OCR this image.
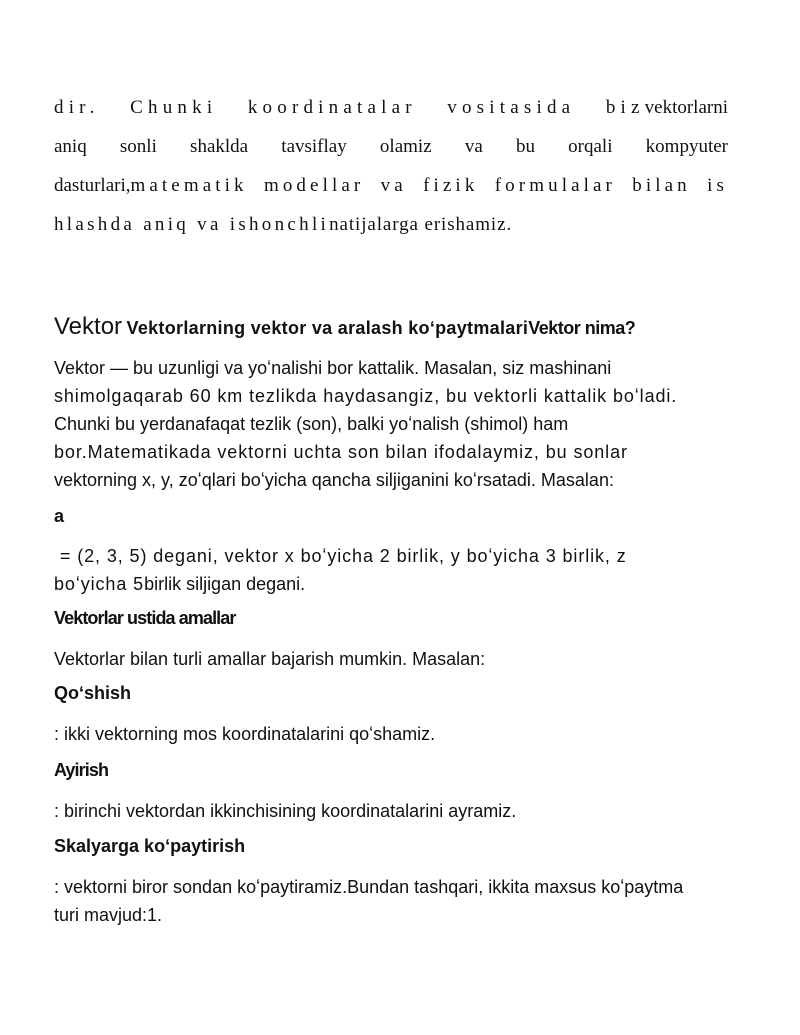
dir. Chunki koordinatalar vositasida bizvektorlarni
aniq sonli shaklda tavsiflay olamiz va bu orqali kompyuter
dasturlari,matematik modellar va fizik formulalar bilan is
hlashda aniq va ishonchlinatijalarga erishamiz.

Vektor Vektorlarning vektor va aralash koʻpaytmalariVektor nima?

Vektor — bu uzunligi va yoʻnalishi bor kattalik. Masalan, siz mashinani
shimolgaqarab 60 km tezlikda haydasangiz, bu vektorli kattalik boʻladi.
Chunki bu yerdanafaqat tezlik (son), balki yoʻnalish (shimol) ham
bor.Matematikada vektorni uchta son bilan ifodalaymiz, bu sonlar
vektorning x, y, zoʻqlari boʻyicha qancha siljiganini koʻrsatadi. Masalan:

a

= (2, 3, 5) degani, vektor x boʻyicha 2 birlik, y boʻyicha 3 birlik, z
boʻyicha 5birlik siljigan degani.

Vektorlar ustida amallar
Vektorlar bilan turli amallar bajarish mumkin. Masalan:
Qoʻshish
: ikki vektorning mos koordinatalarini qoʻshamiz.
Ayirish
: birinchi vektordan ikkinchisining koordinatalarini ayramiz.
Skalyarga koʻpaytirish
: vektorni biror sondan koʻpaytiramiz.Bundan tashqari, ikkita maxsus koʻpaytma
turi mavjud:1.
